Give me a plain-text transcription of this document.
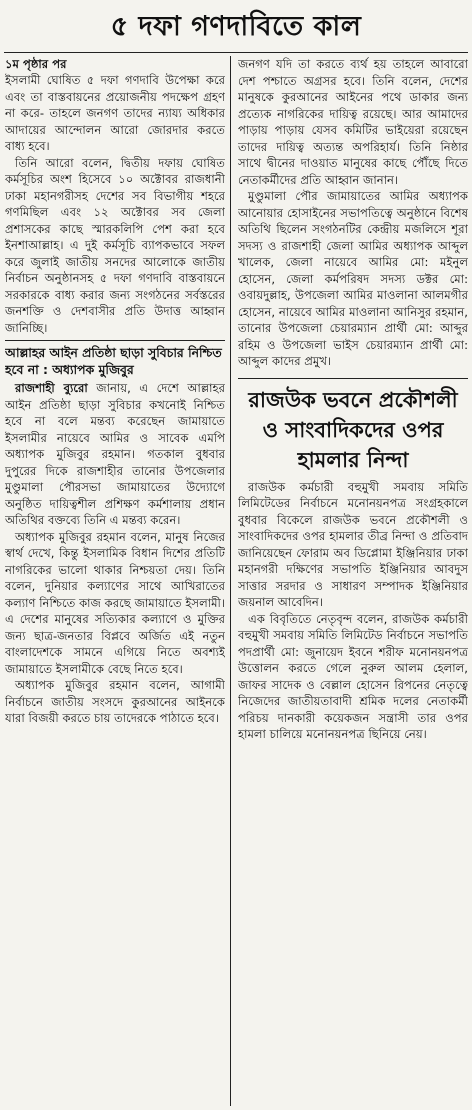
৫ দফা গণদাবিতে কাল
১ম পৃষ্ঠার পর

ইসলামী ঘোষিত ৫ দফা গণদাবি উপেক্ষা করে এবং তা বাস্তবায়নের প্রয়োজনীয় পদক্ষেপ গ্রহণ না করে- তাহলে জনগণ তাদের ন্যায্য অধিকার আদায়ের আন্দোলন আরো জোরদার করতে বাধ্য হবে।

তিনি আরো বলেন, দ্বিতীয় দফায় ঘোষিত কর্মসূচির অংশ হিসেবে ১০ অক্টোবর রাজধানী ঢাকা মহানগরীসহ দেশের সব বিভাগীয় শহরে গণমিছিল এবং ১২ অক্টোবর সব জেলা প্রশাসকের কাছে স্মারকলিপি পেশ করা হবে ইনশাআল্লাহ। এ দুই কর্মসূচি ব্যাপকভাবে সফল করে জুলাই জাতীয় সনদের আলোকে জাতীয় নির্বাচন অনুষ্ঠানসহ ৫ দফা গণদাবি বাস্তবায়নে সরকারকে বাধ্য করার জন্য সংগঠনের সর্বস্তরের জনশক্তি ও দেশবাসীর প্রতি উদাত্ত আহ্বান জানিচ্ছি।

আল্লাহর আইন প্রতিষ্ঠা ছাড়া সুবিচার নিশ্চিত হবে না : অধ্যাপক মুজিবুর

রাজশাহী ব্যুরো জানায়, এ দেশে আল্লাহর আইন প্রতিষ্ঠা ছাড়া সুবিচার কখনোই নিশ্চিত হবে না বলে মন্তব্য করেছেন জামায়াতে ইসলামীর নায়েবে আমির ও সাবেক এমপি অধ্যাপক মুজিবুর রহমান। গতকাল বুধবার দুপুরের দিকে রাজশাহীর তানোর উপজেলার মুণ্ডুমালা পৌরসভা জামায়াতের উদ্যোগে অনুষ্ঠিত দায়িত্বশীল প্রশিক্ষণ কর্মশালায় প্রধান অতিথির বক্তব্যে তিনি এ মন্তব্য করেন।

অধ্যাপক মুজিবুর রহমান বলেন, মানুষ নিজের স্বার্থ দেখে, কিন্তু ইসলামিক বিধান দিশের প্রতিটি নাগরিকের ভালো থাকার নিশ্চয়তা দেয়। তিনি বলেন, দুনিয়ার কল্যাণের সাথে আখিরাতের কল্যাণ নিশ্চিতে কাজ করছে জামায়াতে ইসলামী। এ দেশের মানুষের সত্যিকার কল্যাণে ও মুক্তির জন্য ছাত্র-জনতার বিপ্লবে অর্জিত এই নতুন বাংলাদেশকে সামনে এগিয়ে নিতে অবশ্যই জামায়াতে ইসলামীকে বেছে নিতে হবে।

অধ্যাপক মুজিবুর রহমান বলেন, আগামী নির্বাচনে জাতীয় সংসদে কুরআনের আইনকে যারা বিজয়ী করতে চায় তাদেরকে পাঠাতে হবে।

জনগণ যদি তা করতে ব্যর্থ হয় তাহলে আবারো দেশ পশ্চাতে অগ্রসর হবে। তিনি বলেন, দেশের মানুষকে কুরআনের আইনের পথে ডাকার জন্য প্রত্যেক নাগরিকের দায়িত্ব রয়েছে। আর আমাদের পাড়ায় পাড়ায় যেসব কমিটির ভাইয়েরা রয়েছেন তাদের দায়িত্ব অত্যন্ত অপরিহার্য। তিনি নিষ্ঠার সাথে দ্বীনের দাওয়াত মানুষের কাছে পৌঁছে দিতে নেতাকর্মীদের প্রতি আহ্বান জানান।

মুণ্ডুমালা পৌর জামায়াতের আমির অধ্যাপক আনোয়ার হোসাইনের সভাপতিত্বে অনুষ্ঠানে বিশেষ অতিথি ছিলেন সংগঠনটির কেন্দ্রীয় মজলিসে শূরা সদস্য ও রাজশাহী জেলা আমির অধ্যাপক আব্দুল খালেক, জেলা নায়েবে আমির মো: মইনুল হোসেন, জেলা কর্মপরিষদ সদস্য ডক্টর মো: ওবায়দুল্লাহ, উপজেলা আমির মাওলানা আলমগীর হোসেন, নায়েবে আমির মাওলানা আনিসুর রহমান, তানোর উপজেলা চেয়ারম্যান প্রার্থী মো: আব্দুর রহিম ও উপজেলা ভাইস চেয়ারম্যান প্রার্থী মো: আব্দুল কাদের প্রমুখ।

রাজউক ভবনে প্রকৌশলী ও সাংবাদিকদের ওপর হামলার নিন্দা

রাজউক কর্মচারী বহুমুখী সমবায় সমিতি লিমিটেডের নির্বাচনে মনোনয়নপত্র সংগ্রহকালে বুধবার বিকেলে রাজউক ভবনে প্রকৌশলী ও সাংবাদিকদের ওপর হামলার তীব্র নিন্দা ও প্রতিবাদ জানিয়েছেন ফোরাম অব ডিপ্লোমা ইঞ্জিনিয়ার ঢাকা মহানগরী দক্ষিণের সভাপতি ইঞ্জিনিয়ার আবদুস সাত্তার সরদার ও সাধারণ সম্পাদক ইঞ্জিনিয়ার জয়নাল আবেদিন।

এক বিবৃতিতে নেতৃবৃন্দ বলেন, রাজউক কর্মচারী বহুমুখী সমবায় সমিতি লিমিটেড নির্বাচনে সভাপতি পদপ্রার্থী মো: জুনায়েদ ইবনে শরীফ মনোনয়নপত্র উত্তোলন করতে গেলে নুরুল আলম হেলাল, জাফর সাদেক ও বেল্লাল হোসেন রিপনের নেতৃত্বে নিজেদের জাতীয়তাবাদী শ্রমিক দলের নেতাকর্মী পরিচয় দানকারী কয়েকজন সন্ত্রাসী তার ওপর হামলা চালিয়ে মনোনয়নপত্র ছিনিয়ে নেয়।
